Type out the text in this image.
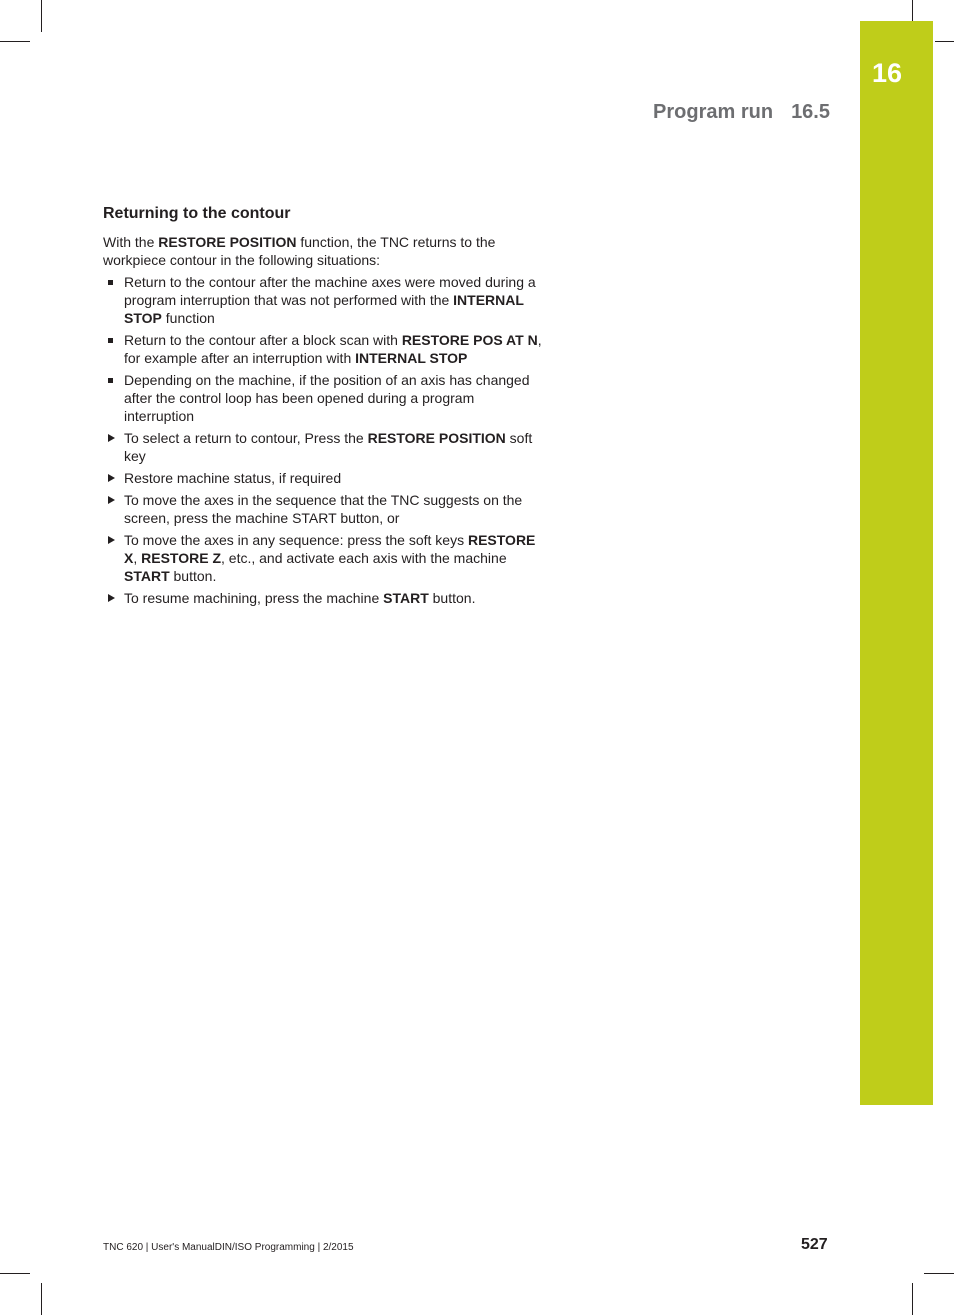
16
Program run 16.5
Returning to the contour

With the RESTORE POSITION function, the TNC returns to the workpiece contour in the following situations:

Return to the contour after the machine axes were moved during a program interruption that was not performed with the INTERNAL STOP function
Return to the contour after a block scan with RESTORE POS AT N, for example after an interruption with INTERNAL STOP
Depending on the machine, if the position of an axis has changed after the control loop has been opened during a program interruption
To select a return to contour, Press the RESTORE POSITION soft key
Restore machine status, if required
To move the axes in the sequence that the TNC suggests on the screen, press the machine START button, or
To move the axes in any sequence: press the soft keys RESTORE X, RESTORE Z, etc., and activate each axis with the machine START button.
To resume machining, press the machine START button.
TNC 620 | User's ManualDIN/ISO Programming | 2/2015	527
